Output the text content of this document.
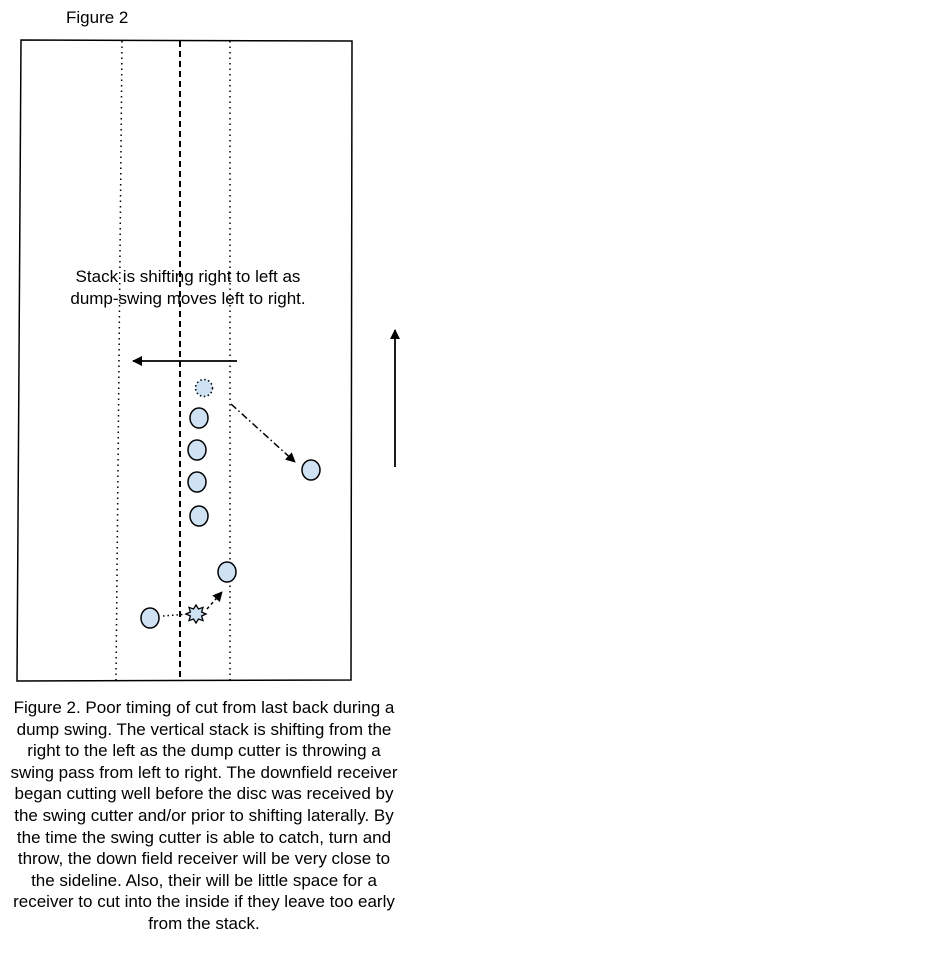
Figure 2
Stack is shifting right to left as dump-swing moves left to right.
Figure 2. Poor timing of cut from last back during a dump swing. The vertical stack is shifting from the right to the left as the dump cutter is throwing a swing pass from left to right. The downfield receiver began cutting well before the disc was received by the swing cutter and/or prior to shifting laterally. By the time the swing cutter is able to catch, turn and throw, the down field receiver will be very close to the sideline. Also, their will be little space for a receiver to cut into the inside if they leave too early from the stack.
